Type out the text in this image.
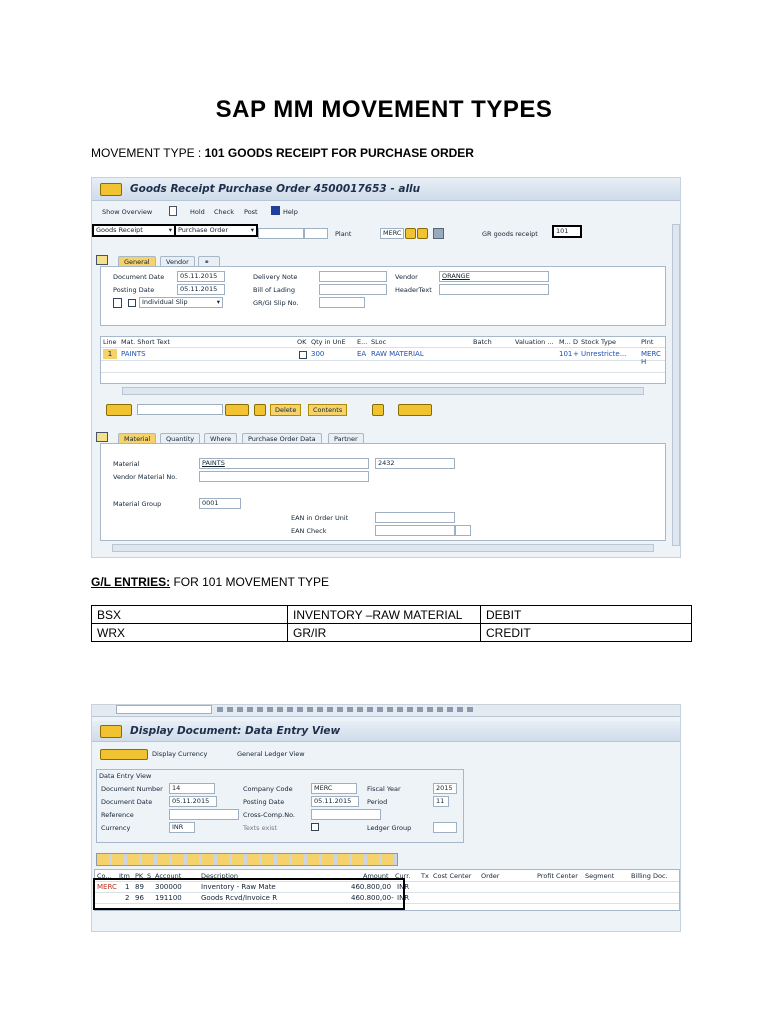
SAP MM MOVEMENT TYPES
MOVEMENT TYPE : 101 GOODS RECEIPT FOR PURCHASE ORDER
Goods Receipt Purchase Order 4500017653 - allu
Show Overview	Hold Check Post	Help
Goods Receipt	▾ Purchase Order	▾	Plant	MERC	GR goods receipt	101
General	Vendor	⚭
Document Date	05.11.2015
Posting Date	05.11.2015
Individual Slip	▾
Delivery Note
Bill of Lading
GR/GI Slip No.
Vendor	ORANGE
HeaderText
Line Mat. Short Text	OK Qty in UnE E... SLoc	Batch	Valuation ... M... D Stock Type	Plnt
1	PAINTS	300	EA RAW MATERIAL	101 + Unrestricte... MERC H
Delete	Contents
Material	Quantity	Where	Purchase Order Data	Partner
Material	PAINTS	2432
Vendor Material No.
Material Group	0001
EAN in Order Unit
EAN Check
G/L ENTRIES: FOR 101 MOVEMENT TYPE
BSX	INVENTORY –RAW MATERIAL	DEBIT
WRX	GR/IR	CREDIT
Display Document: Data Entry View
Display Currency	General Ledger View
Data Entry View
Document Number	14	Company Code	MERC	Fiscal Year	2015
Document Date	05.11.2015	Posting Date	05.11.2015	Period	11
Reference	Cross-Comp.No.
Currency	INR	Texts exist	Ledger Group
Co... Itm PK S Account	Description	Amount Curr. Tx Cost Center Order	Profit Center Segment	Billing Doc.
MERC 1 89 300000	Inventory - Raw Mate	460.800,00 INR
2 96 191100	Goods Rcvd/Invoice R	460.800,00- INR
